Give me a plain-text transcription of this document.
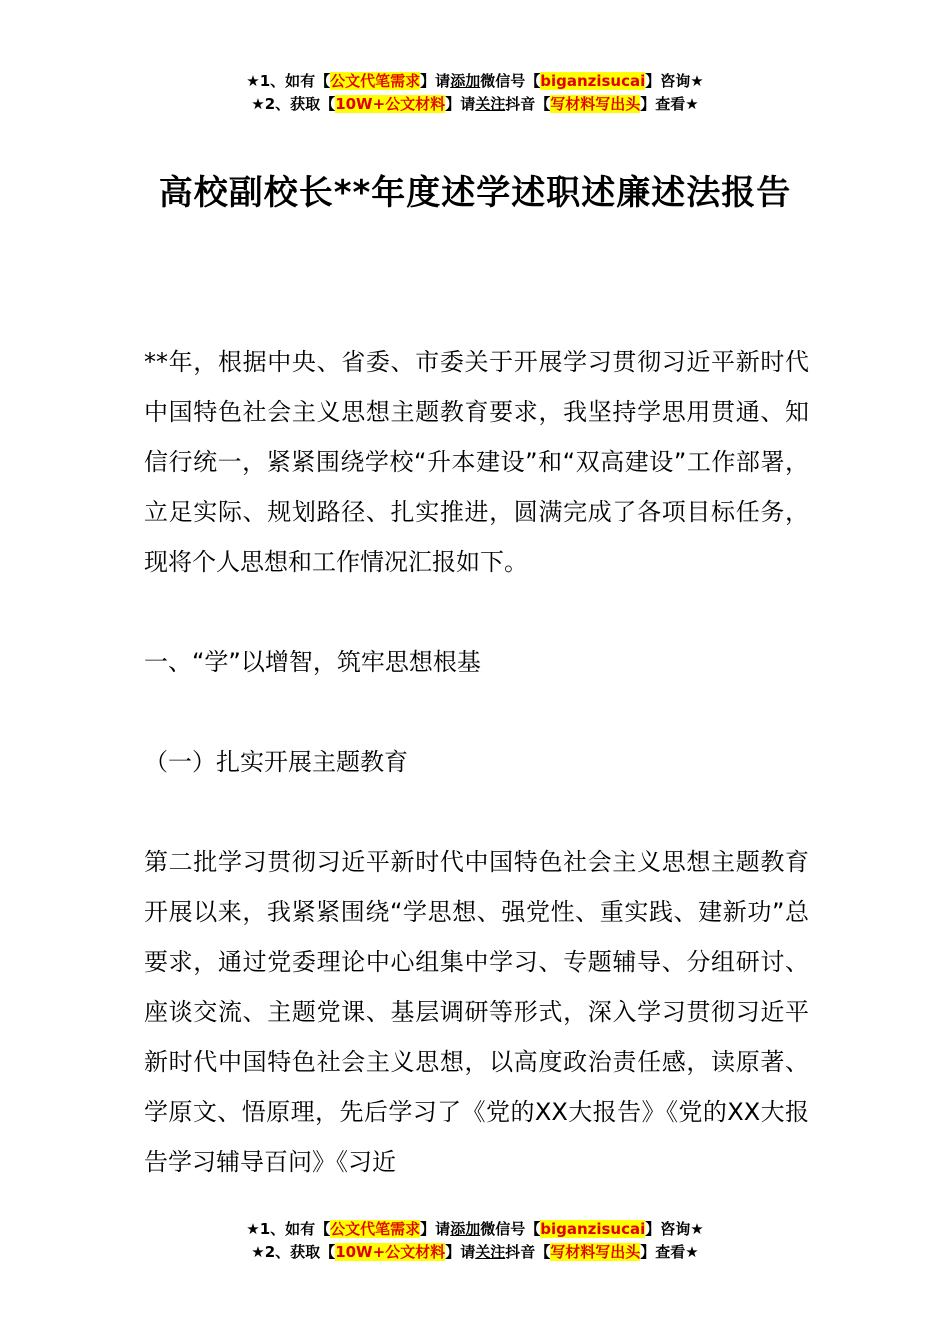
★1、如有【公文代笔需求】请添加微信号【biganzisucai】咨询★
★2、获取【10W+公文材料】请关注抖音【写材料写出头】查看★
高校副校长**年度述学述职述廉述法报告

**年，根据中央、省委、市委关于开展学习贯彻习近平新时代中国特色社会主义思想主题教育要求，我坚持学思用贯通、知信行统一，紧紧围绕学校“升本建设”和“双高建设”工作部署，立足实际、规划路径、扎实推进，圆满完成了各项目标任务，现将个人思想和工作情况汇报如下。

一、“学”以增智，筑牢思想根基

（一）扎实开展主题教育

第二批学习贯彻习近平新时代中国特色社会主义思想主题教育开展以来，我紧紧围绕“学思想、强党性、重实践、建新功”总要求，通过党委理论中心组集中学习、专题辅导、分组研讨、座谈交流、主题党课、基层调研等形式，深入学习贯彻习近平新时代中国特色社会主义思想，以高度政治责任感，读原著、学原文、悟原理，先后学习了《党的XX大报告》《党的XX大报告学习辅导百问》《习近

★1、如有【公文代笔需求】请添加微信号【biganzisucai】咨询★
★2、获取【10W+公文材料】请关注抖音【写材料写出头】查看★
